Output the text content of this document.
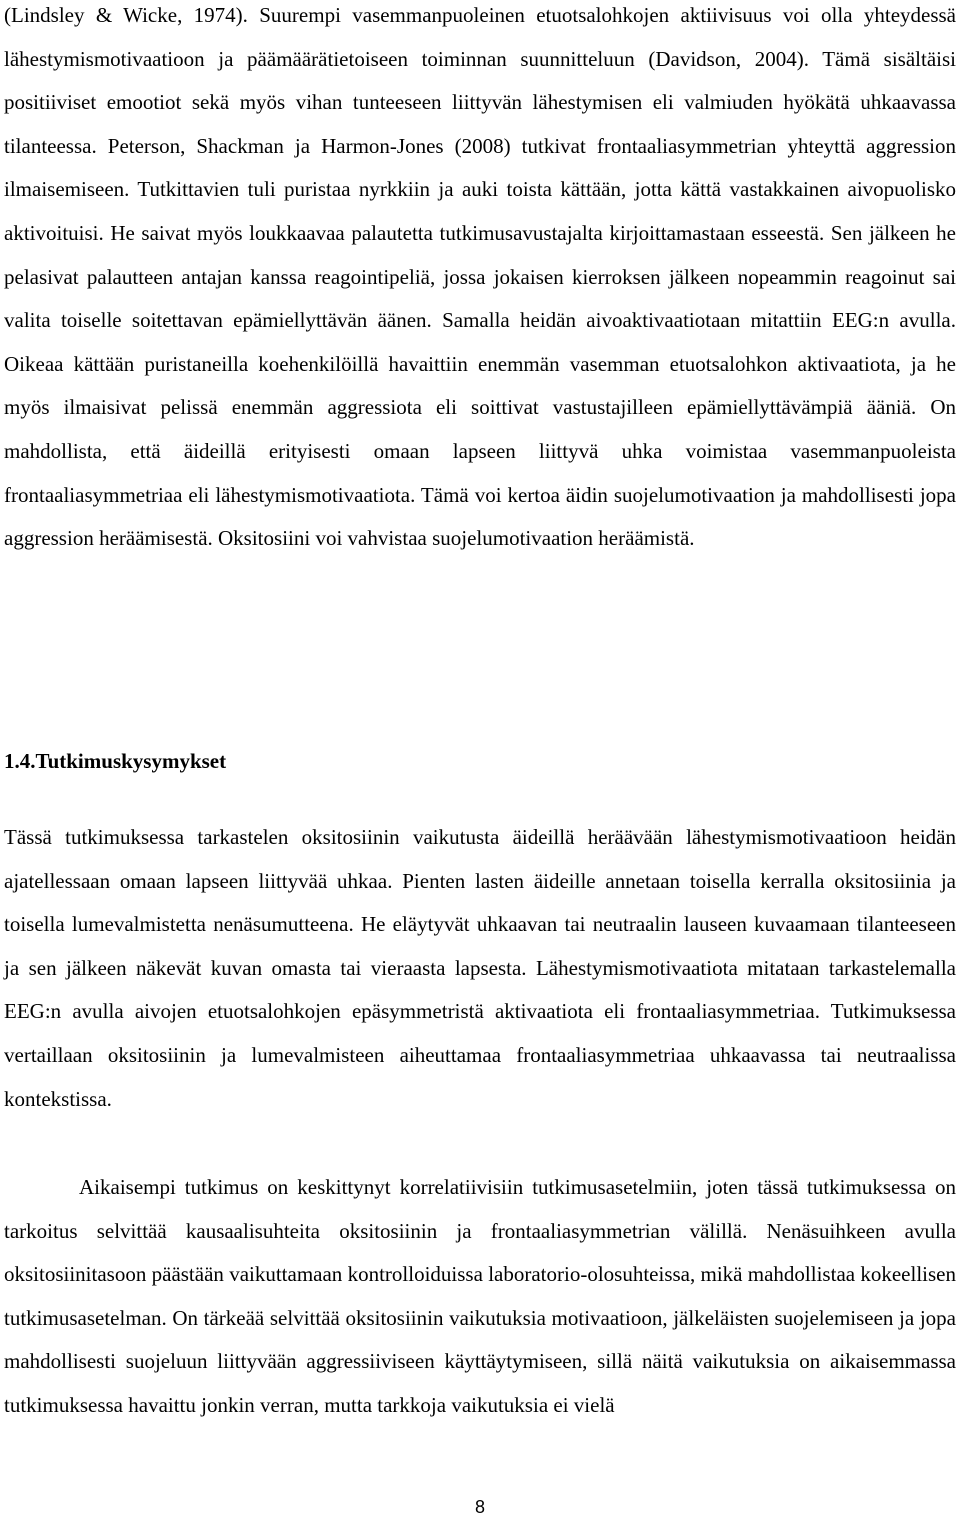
(Lindsley & Wicke, 1974). Suurempi vasemmanpuoleinen etuotsalohkojen aktiivisuus voi olla yhteydessä lähestymismotivaatioon ja päämäärätietoiseen toiminnan suunnitteluun (Davidson, 2004). Tämä sisältäisi positiiviset emootiot sekä myös vihan tunteeseen liittyvän lähestymisen eli valmiuden hyökätä uhkaavassa tilanteessa. Peterson, Shackman ja Harmon-Jones (2008) tutkivat frontaaliasymmetrian yhteyttä aggression ilmaisemiseen. Tutkittavien tuli puristaa nyrkkiin ja auki toista kättään, jotta kättä vastakkainen aivopuolisko aktivoituisi. He saivat myös loukkaavaa palautetta tutkimusavustajalta kirjoittamastaan esseestä. Sen jälkeen he pelasivat palautteen antajan kanssa reagointipeliä, jossa jokaisen kierroksen jälkeen nopeammin reagoinut sai valita toiselle soitettavan epämiellyttävän äänen. Samalla heidän aivoaktivaatiotaan mitattiin EEG:n avulla. Oikeaa kättään puristaneilla koehenkilöillä havaittiin enemmän vasemman etuotsalohkon aktivaatiota, ja he myös ilmaisivat pelissä enemmän aggressiota eli soittivat vastustajilleen epämiellyttävämpiä ääniä. On mahdollista, että äideillä erityisesti omaan lapseen liittyvä uhka voimistaa vasemmanpuoleista frontaaliasymmetriaa eli lähestymismotivaatiota. Tämä voi kertoa äidin suojelumotivaation ja mahdollisesti jopa aggression heräämisestä. Oksitosiini voi vahvistaa suojelumotivaation heräämistä.

1.4.Tutkimuskysymykset

Tässä tutkimuksessa tarkastelen oksitosiinin vaikutusta äideillä heräävään lähestymismotivaatioon heidän ajatellessaan omaan lapseen liittyvää uhkaa. Pienten lasten äideille annetaan toisella kerralla oksitosiinia ja toisella lumevalmistetta nenäsumutteena. He eläytyvät uhkaavan tai neutraalin lauseen kuvaamaan tilanteeseen ja sen jälkeen näkevät kuvan omasta tai vieraasta lapsesta. Lähestymismotivaatiota mitataan tarkastelemalla EEG:n avulla aivojen etuotsalohkojen epäsymmetristä aktivaatiota eli frontaaliasymmetriaa. Tutkimuksessa vertaillaan oksitosiinin ja lumevalmisteen aiheuttamaa frontaaliasymmetriaa uhkaavassa tai neutraalissa kontekstissa.

Aikaisempi tutkimus on keskittynyt korrelatiivisiin tutkimusasetelmiin, joten tässä tutkimuksessa on tarkoitus selvittää kausaalisuhteita oksitosiinin ja frontaaliasymmetrian välillä. Nenäsuihkeen avulla oksitosiinitasoon päästään vaikuttamaan kontrolloiduissa laboratorio-olosuhteissa, mikä mahdollistaa kokeellisen tutkimusasetelman. On tärkeää selvittää oksitosiinin vaikutuksia motivaatioon, jälkeläisten suojelemiseen ja jopa mahdollisesti suojeluun liittyvään aggressiiviseen käyttäytymiseen, sillä näitä vaikutuksia on aikaisemmassa tutkimuksessa havaittu jonkin verran, mutta tarkkoja vaikutuksia ei vielä

8
